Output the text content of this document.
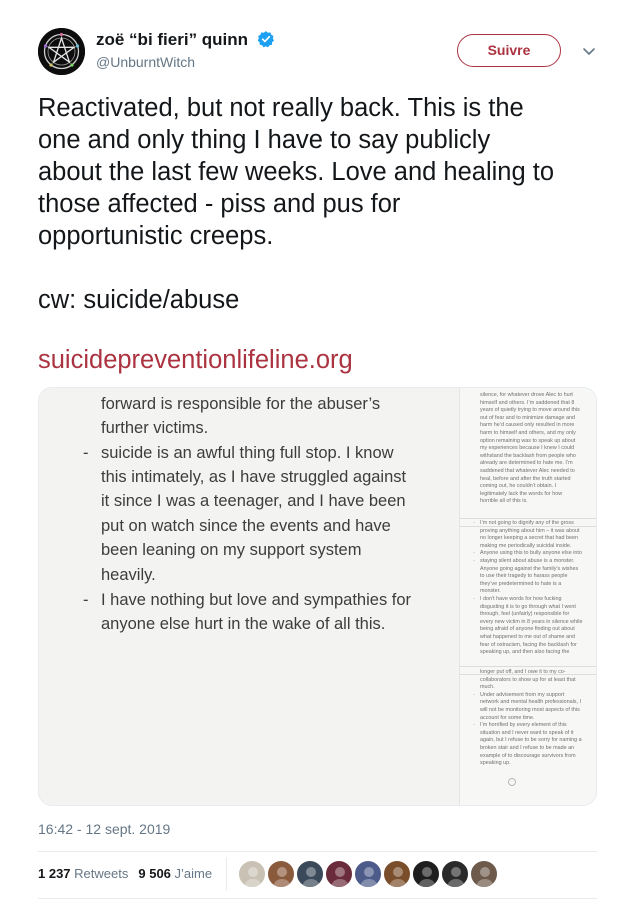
zoë “bi fieri” quinn
@UnburntWitch
Suivre

Reactivated, but not really back. This is the

one and only thing I have to say publicly

about the last few weeks. Love and healing to

those affected - piss and pus for

opportunistic creeps.

cw: suicide/abuse

suicidepreventionlifeline.org
forward is responsible for the abuser’s
further victims.
- suicide is an awful thing full stop. I know
this intimately, as I have struggled against
it since I was a teenager, and I have been
put on watch since the events and have
been leaning on my support system
heavily.
- I have nothing but love and sympathies for
anyone else hurt in the wake of all this.
silence, for whatever drove Alec to hurt
himself and others. I’m saddened that 8
years of quietly trying to move around this
out of fear and to minimize damage and
harm he’d caused only resulted in more
harm to himself and others, and my only
option remaining was to speak up about
my experiences because I knew I could
withstand the backlash from people who
already are determined to hate me. I’m
saddened that whatever Alec needed to
heal, before and after the truth started
coming out, he couldn’t obtain. I
legitimately lack the words for how
horrible all of this is.
I’m not going to dignify any of the gross
·
proving anything about him – it was about
no longer keeping a secret that had been
making me periodically suicidal inside.
Anyone using this to bully anyone else into
·
staying silent about abuse is a monster.
·
Anyone going against the family’s wishes
to use their tragedy to harass people
they’ve predetermined to hate is a
monster.
I don’t have words for how fucking
·
disgusting it is to go through what I went
through, feel (unfairly) responsible for
every new victim in 8 years in silence while
being afraid of anyone finding out about
what happened to me out of shame and
fear of ostracism, facing the backlash for
speaking up, and then also facing the
longer put off, and I owe it to my co-
collaborators to show up for at least that
much.
Under advisement from my support
·
network and mental health professionals, I
will not be monitoring most aspects of this
account for some time.
I’m horrified by every element of this
·
situation and I never want to speak of it
again, but I refuse to be sorry for naming a
broken stair and I refuse to be made an
example of to discourage survivors from
speaking up.
16:42 - 12 sept. 2019
1 237 Retweets 9 506 J’aime
